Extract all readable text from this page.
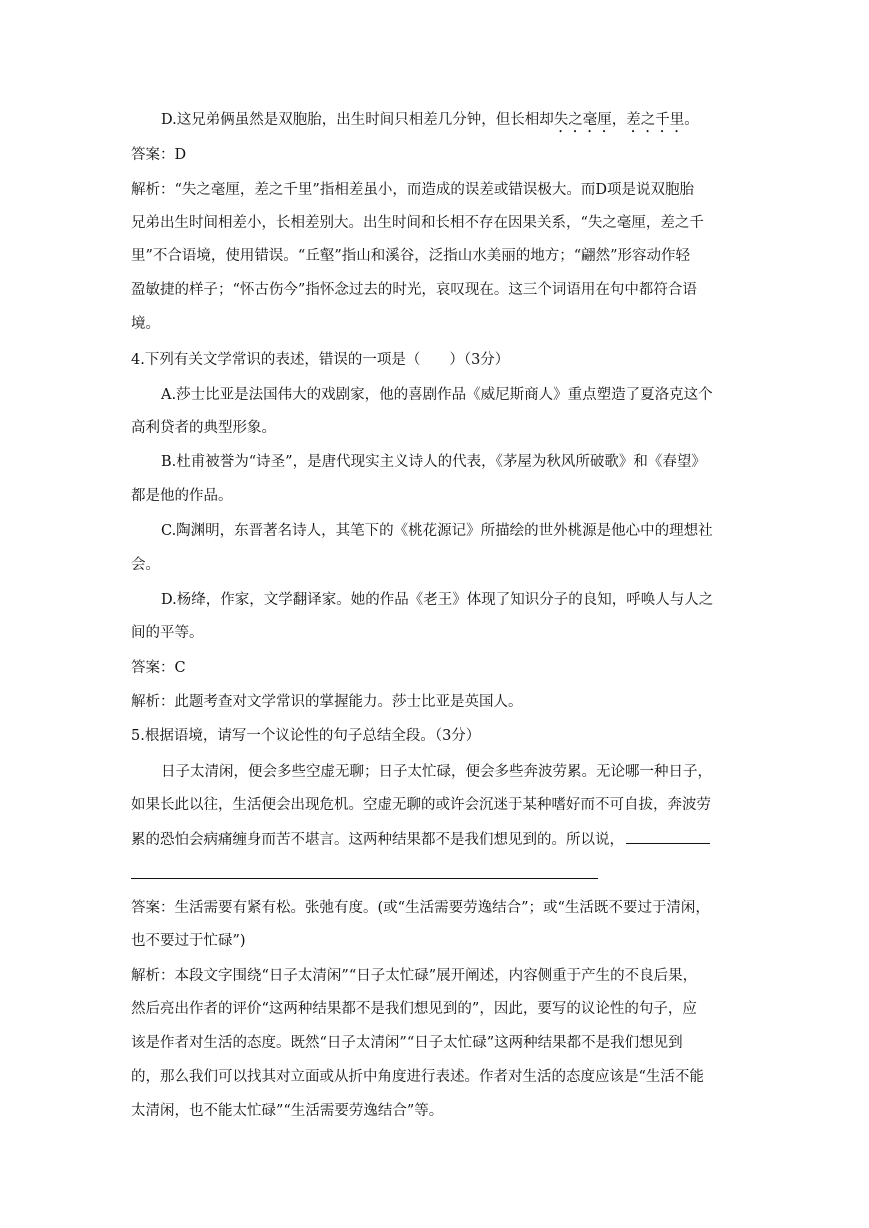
D.这兄弟俩虽然是双胞胎，出生时间只相差几分钟，但长相却失之毫厘，差之千里。
答案：D
解析：“失之毫厘，差之千里”指相差虽小，而造成的误差或错误极大。而D项是说双胞胎
兄弟出生时间相差小，长相差别大。出生时间和长相不存在因果关系，“失之毫厘，差之千
里”不合语境，使用错误。“丘壑”指山和溪谷，泛指山水美丽的地方；“翩然”形容动作轻
盈敏捷的样子；“怀古伤今”指怀念过去的时光，哀叹现在。这三个词语用在句中都符合语
境。
4.下列有关文学常识的表述，错误的一项是（　　）（3分）
A.莎士比亚是法国伟大的戏剧家，他的喜剧作品《威尼斯商人》重点塑造了夏洛克这个
高利贷者的典型形象。
B.杜甫被誉为“诗圣”，是唐代现实主义诗人的代表，《茅屋为秋风所破歌》和《春望》
都是他的作品。
C.陶渊明，东晋著名诗人，其笔下的《桃花源记》所描绘的世外桃源是他心中的理想社
会。
D.杨绛，作家，文学翻译家。她的作品《老王》体现了知识分子的良知，呼唤人与人之
间的平等。
答案：C
解析：此题考查对文学常识的掌握能力。莎士比亚是英国人。
5.根据语境，请写一个议论性的句子总结全段。（3分）
日子太清闲，便会多些空虚无聊；日子太忙碌，便会多些奔波劳累。无论哪一种日子，
如果长此以往，生活便会出现危机。空虚无聊的或许会沉迷于某种嗜好而不可自拔，奔波劳
累的恐怕会病痛缠身而苦不堪言。这两种结果都不是我们想见到的。所以说，
答案：生活需要有紧有松。张弛有度。(或“生活需要劳逸结合”；或“生活既不要过于清闲，
也不要过于忙碌”)
解析：本段文字围绕“日子太清闲”“日子太忙碌”展开阐述，内容侧重于产生的不良后果，
然后亮出作者的评价“这两种结果都不是我们想见到的”，因此，要写的议论性的句子，应
该是作者对生活的态度。既然“日子太清闲”“日子太忙碌”这两种结果都不是我们想见到
的，那么我们可以找其对立面或从折中角度进行表述。作者对生活的态度应该是“生活不能
太清闲，也不能太忙碌”“生活需要劳逸结合”等。
